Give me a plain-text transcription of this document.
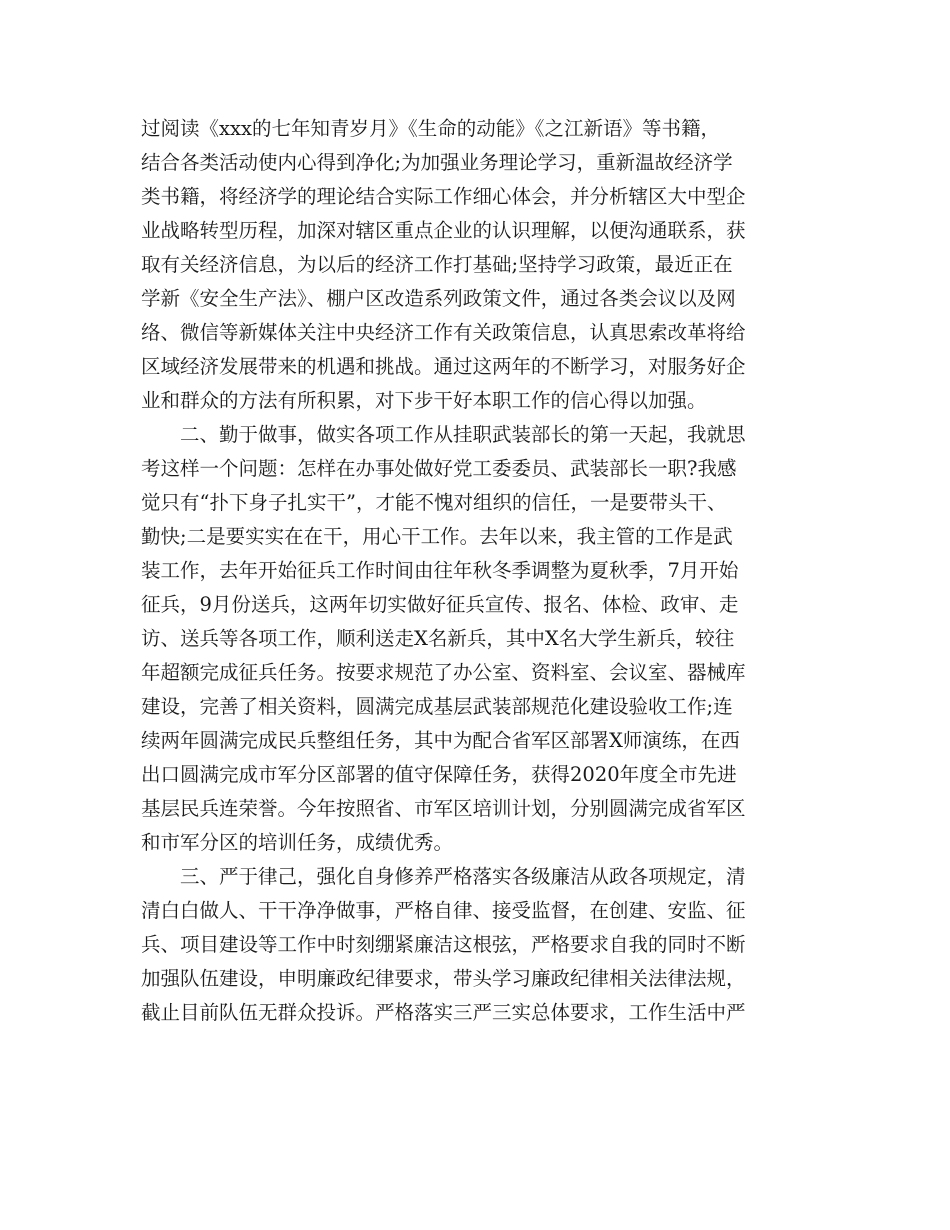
过阅读《xxx的七年知青岁月》《生命的动能》《之江新语》等书籍，
结合各类活动使内心得到净化;为加强业务理论学习，重新温故经济学
类书籍，将经济学的理论结合实际工作细心体会，并分析辖区大中型企
业战略转型历程，加深对辖区重点企业的认识理解，以便沟通联系，获
取有关经济信息，为以后的经济工作打基础;坚持学习政策，最近正在
学新《安全生产法》、棚户区改造系列政策文件，通过各类会议以及网
络、微信等新媒体关注中央经济工作有关政策信息，认真思索改革将给
区域经济发展带来的机遇和挑战。通过这两年的不断学习，对服务好企
业和群众的方法有所积累，对下步干好本职工作的信心得以加强。
二、勤于做事，做实各项工作从挂职武装部长的第一天起，我就思
考这样一个问题：怎样在办事处做好党工委委员、武装部长一职?我感
觉只有“扑下身子扎实干”，才能不愧对组织的信任，一是要带头干、
勤快;二是要实实在在干，用心干工作。去年以来，我主管的工作是武
装工作，去年开始征兵工作时间由往年秋冬季调整为夏秋季，7月开始
征兵，9月份送兵，这两年切实做好征兵宣传、报名、体检、政审、走
访、送兵等各项工作，顺利送走X名新兵，其中X名大学生新兵，较往
年超额完成征兵任务。按要求规范了办公室、资料室、会议室、器械库
建设，完善了相关资料，圆满完成基层武装部规范化建设验收工作;连
续两年圆满完成民兵整组任务，其中为配合省军区部署X师演练，在西
出口圆满完成市军分区部署的值守保障任务，获得2020年度全市先进
基层民兵连荣誉。今年按照省、市军区培训计划，分别圆满完成省军区
和市军分区的培训任务，成绩优秀。
三、严于律己，强化自身修养严格落实各级廉洁从政各项规定，清
清白白做人、干干净净做事，严格自律、接受监督，在创建、安监、征
兵、项目建设等工作中时刻绷紧廉洁这根弦，严格要求自我的同时不断
加强队伍建设，申明廉政纪律要求，带头学习廉政纪律相关法律法规，
截止目前队伍无群众投诉。严格落实三严三实总体要求，工作生活中严
